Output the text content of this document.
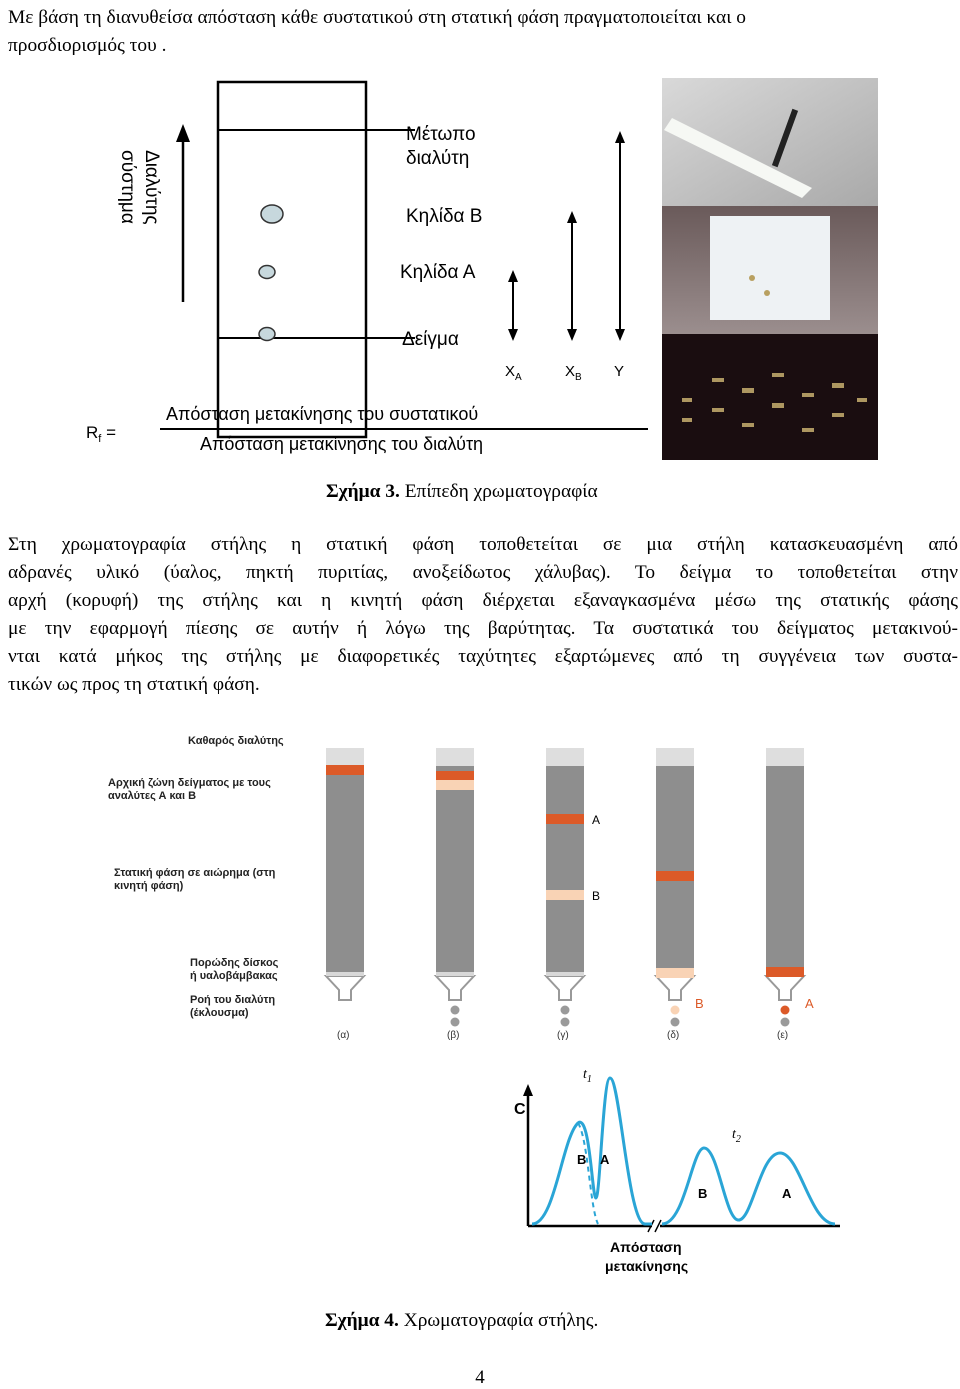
Με βάση τη διανυθείσα απόσταση κάθε συστατικού στη στατική φάση πραγματοποιείται και ο
προσδιορισμός του .

Διαλύτης
σύστημα
Μέτωπο
διαλύτη
Κηλίδα Β
Κηλίδα Α
Δείγμα
$X_A$	$X_B$ Y
$R_f$ =
Απόσταση μετακίνησης του συστατικού
Απόσταση μετακίνησης του διαλύτη
Σχήμα 3. Επίπεδη χρωματογραφία

Στη χρωματογραφία στήλης η στατική φάση τοποθετείται σε μια στήλη κατασκευασμένη από
αδρανές υλικό (ύαλος, πηκτή πυριτίας, ανοξείδωτος χάλυβας). Το δείγμα το τοποθετείται στην
αρχή (κορυφή) της στήλης και η κινητή φάση διέρχεται εξαναγκασμένα μέσω της στατικής φάσης
με την εφαρμογή πίεσης σε αυτήν ή λόγω της βαρύτητας. Τα συστατικά του δείγματος μετακινού-
νται κατά μήκος της στήλης με διαφορετικές ταχύτητες εξαρτώμενες από τη συγγένεια των συστα-
τικών ως προς τη στατική φάση.

Καθαρός διαλύτης
Αρχική ζώνη δείγματος με τους
αναλύτες Α και Β
Στατική φάση σε αιώρημα (στη
κινητή φάση)
Πορώδης δίσκος
ή υαλοβάμβακας
Ροή του διαλύτη
(έκλουσμα)
(α)	(β)
A
B
(γ)
B
(δ)
A
(ε)
C
$t_1$
$t_2$
B A
B	A
Απόσταση
μετακίνησης
Σχήμα 4. Χρωματογραφία στήλης.
4
